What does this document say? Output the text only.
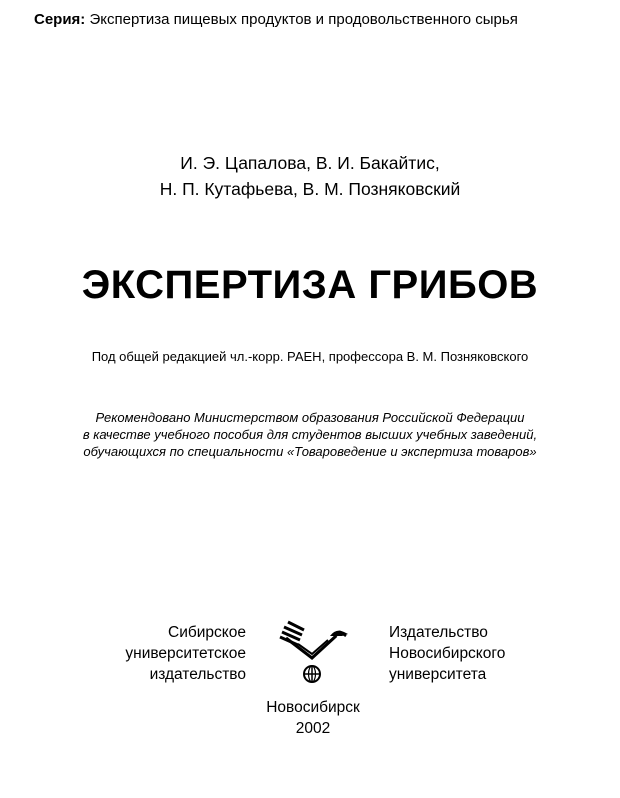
Серия: Экспертиза пищевых продуктов и продовольственного сырья
И. Э. Цапалова, В. И. Бакайтис,
Н. П. Кутафьева, В. М. Позняковский
ЭКСПЕРТИЗА ГРИБОВ
Под общей редакцией чл.-корр. РАЕН, профессора В. М. Позняковского
Рекомендовано Министерством образования Российской Федерации
в качестве учебного пособия для студентов высших учебных заведений,
обучающихся по специальности «Товароведение и экспертиза товаров»
Сибирское
университетское
издательство
Издательство
Новосибирского
университета
Новосибирск
2002
